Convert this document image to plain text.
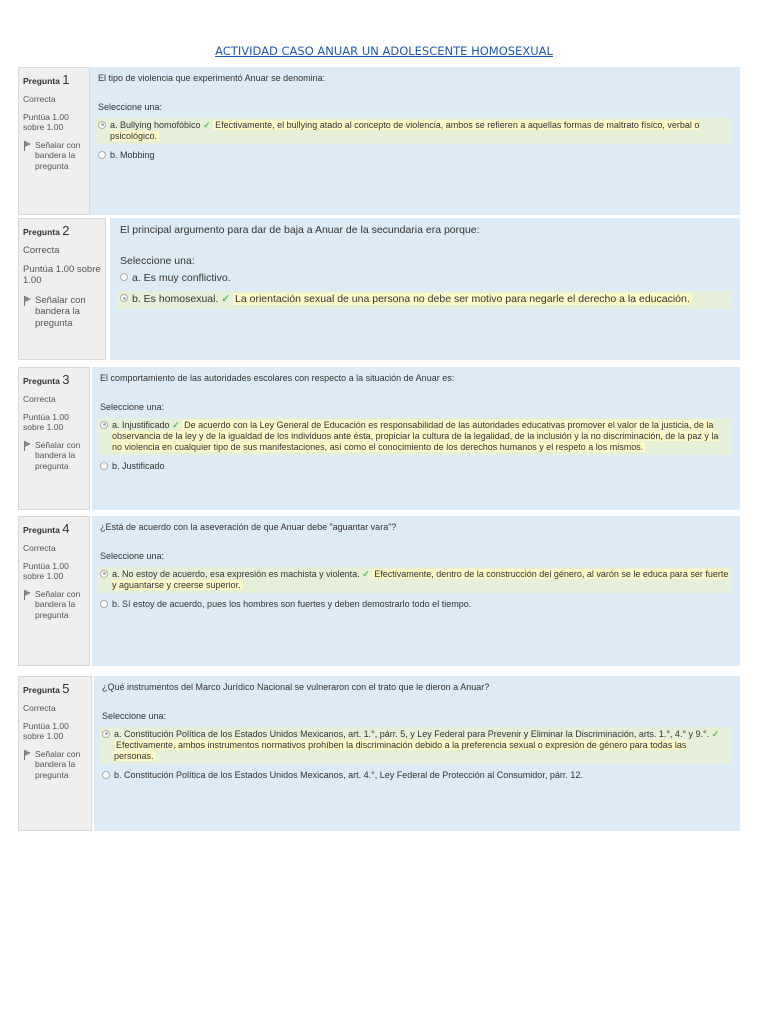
ACTIVIDAD CASO ANUAR UN ADOLESCENTE HOMOSEXUAL
Pregunta 1
Correcta
Puntúa 1.00 sobre 1.00
Señalar con bandera la pregunta
El tipo de violencia que experimentó Anuar se denomina:
Seleccione una:
a. Bullying homofóbico ✓ Efectivamente, el bullying atado al concepto de violencia, ambos se refieren a aquellas formas de maltrato físico, verbal o psicológico.
b. Mobbing
Pregunta 2
Correcta
Puntúa 1.00 sobre 1.00
Señalar con bandera la pregunta
El principal argumento para dar de baja a Anuar de la secundaria era porque:
Seleccione una:
a. Es muy conflictivo.
b. Es homosexual. ✓ La orientación sexual de una persona no debe ser motivo para negarle el derecho a la educación.
Pregunta 3
Correcta
Puntúa 1.00 sobre 1.00
Señalar con bandera la pregunta
El comportamiento de las autoridades escolares con respecto a la situación de Anuar es:
Seleccione una:
a. Injustificado ✓ De acuerdo con la Ley General de Educación es responsabilidad de las autoridades educativas promover el valor de la justicia, de la observancia de la ley y de la igualdad de los individuos ante ésta, propiciar la cultura de la legalidad, de la inclusión y la no discriminación, de la paz y la no violencia en cualquier tipo de sus manifestaciones, así como el conocimiento de los derechos humanos y el respeto a los mismos.
b. Justificado
Pregunta 4
Correcta
Puntúa 1.00 sobre 1.00
Señalar con bandera la pregunta
¿Está de acuerdo con la aseveración de que Anuar debe “aguantar vara”?
Seleccione una:
a. No estoy de acuerdo, esa expresión es machista y violenta. ✓ Efectivamente, dentro de la construcción del género, al varón se le educa para ser fuerte y aguantarse y creerse superior.
b. Sí estoy de acuerdo, pues los hombres son fuertes y deben demostrarlo todo el tiempo.
Pregunta 5
Correcta
Puntúa 1.00 sobre 1.00
Señalar con bandera la pregunta
¿Qué instrumentos del Marco Jurídico Nacional se vulneraron con el trato que le dieron a Anuar?
Seleccione una:
a. Constitución Política de los Estados Unidos Mexicanos, art. 1.°, párr. 5, y Ley Federal para Prevenir y Eliminar la Discriminación, arts. 1.°, 4.° y 9.°. ✓ Efectivamente, ambos instrumentos normativos prohíben la discriminación debido a la preferencia sexual o expresión de género para todas las personas.
b. Constitución Política de los Estados Unidos Mexicanos, art. 4.°, Ley Federal de Protección al Consumidor, párr. 12.
